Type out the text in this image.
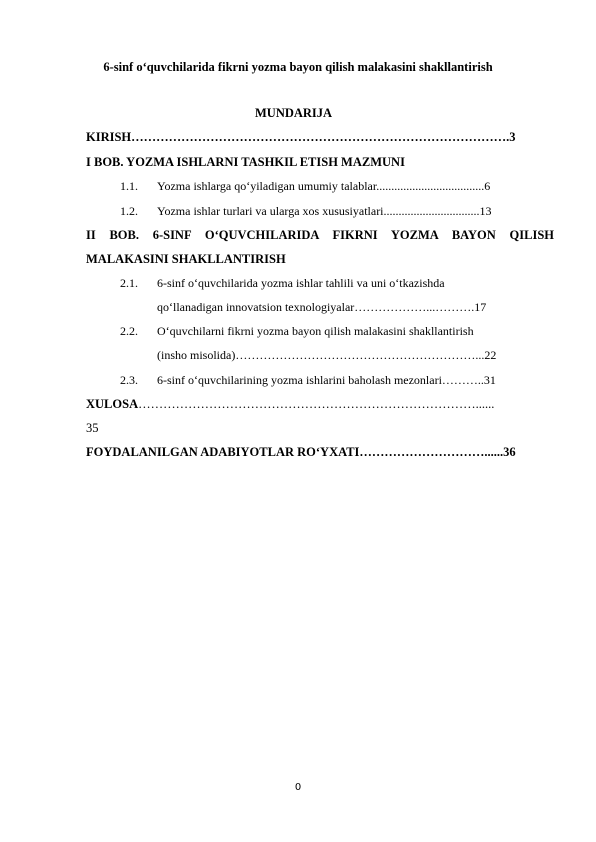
6-sinf o‘quvchilarida fikrni yozma bayon qilish malakasini shakllantirish
MUNDARIJA
KIRISH……………………………………………………………………………….3
I BOB. YOZMA ISHLARNI TASHKIL ETISH MAZMUNI
1.1. Yozma ishlarga qo‘yiladigan umumiy talablar....................................6
1.2. Yozma ishlar turlari va ularga xos xususiyatlari................................13
II BOB. 6-SINF O‘QUVCHILARIDA FIKRNI YOZMA BAYON QILISH
MALAKASINI SHAKLLANTIRISH
2.1. 6-sinf o‘quvchilarida yozma ishlar tahlili va uni o‘tkazishda
qo‘llanadigan innovatsion texnologiyalar………………...……….17
2.2. O‘quvchilarni fikrni yozma bayon qilish malakasini shakllantirish
(insho misolida)……………………………………………………...22
2.3. 6-sinf o‘quvchilarining yozma ishlarini baholash mezonlari………..31
XULOSA………………………………………………………………………......
35
FOYDALANILGAN ADABIYOTLAR RO‘YXATI…………………………......36
0
